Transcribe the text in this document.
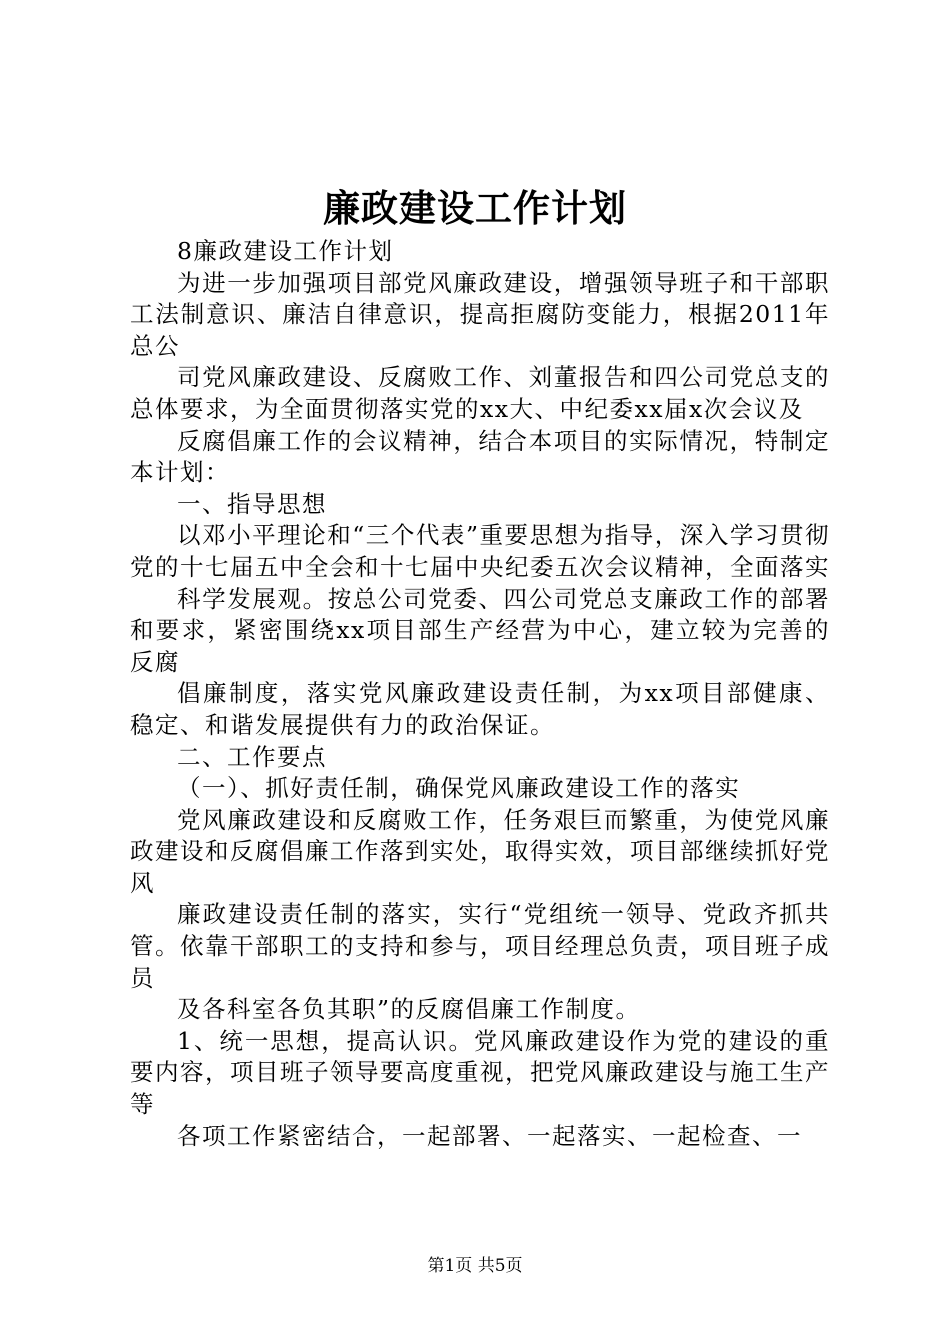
廉政建设工作计划

8廉政建设工作计划

为进一步加强项目部党风廉政建设，增强领导班子和干部职工法制意识、廉洁自律意识，提高拒腐防变能力，根据2011年总公

司党风廉政建设、反腐败工作、刘董报告和四公司党总支的总体要求，为全面贯彻落实党的xx大、中纪委xx届x次会议及

反腐倡廉工作的会议精神，结合本项目的实际情况，特制定本计划：

一、指导思想

以邓小平理论和“三个代表”重要思想为指导，深入学习贯彻党的十七届五中全会和十七届中央纪委五次会议精神，全面落实

科学发展观。按总公司党委、四公司党总支廉政工作的部署和要求，紧密围绕xx项目部生产经营为中心，建立较为完善的反腐

倡廉制度，落实党风廉政建设责任制，为xx项目部健康、稳定、和谐发展提供有力的政治保证。

二、工作要点

（一）、抓好责任制，确保党风廉政建设工作的落实

党风廉政建设和反腐败工作，任务艰巨而繁重，为使党风廉政建设和反腐倡廉工作落到实处，取得实效，项目部继续抓好党风

廉政建设责任制的落实，实行“党组统一领导、党政齐抓共管。依靠干部职工的支持和参与，项目经理总负责，项目班子成员

及各科室各负其职”的反腐倡廉工作制度。

1、统一思想，提高认识。党风廉政建设作为党的建设的重要内容，项目班子领导要高度重视，把党风廉政建设与施工生产等

各项工作紧密结合，一起部署、一起落实、一起检查、一

第1页 共5页
